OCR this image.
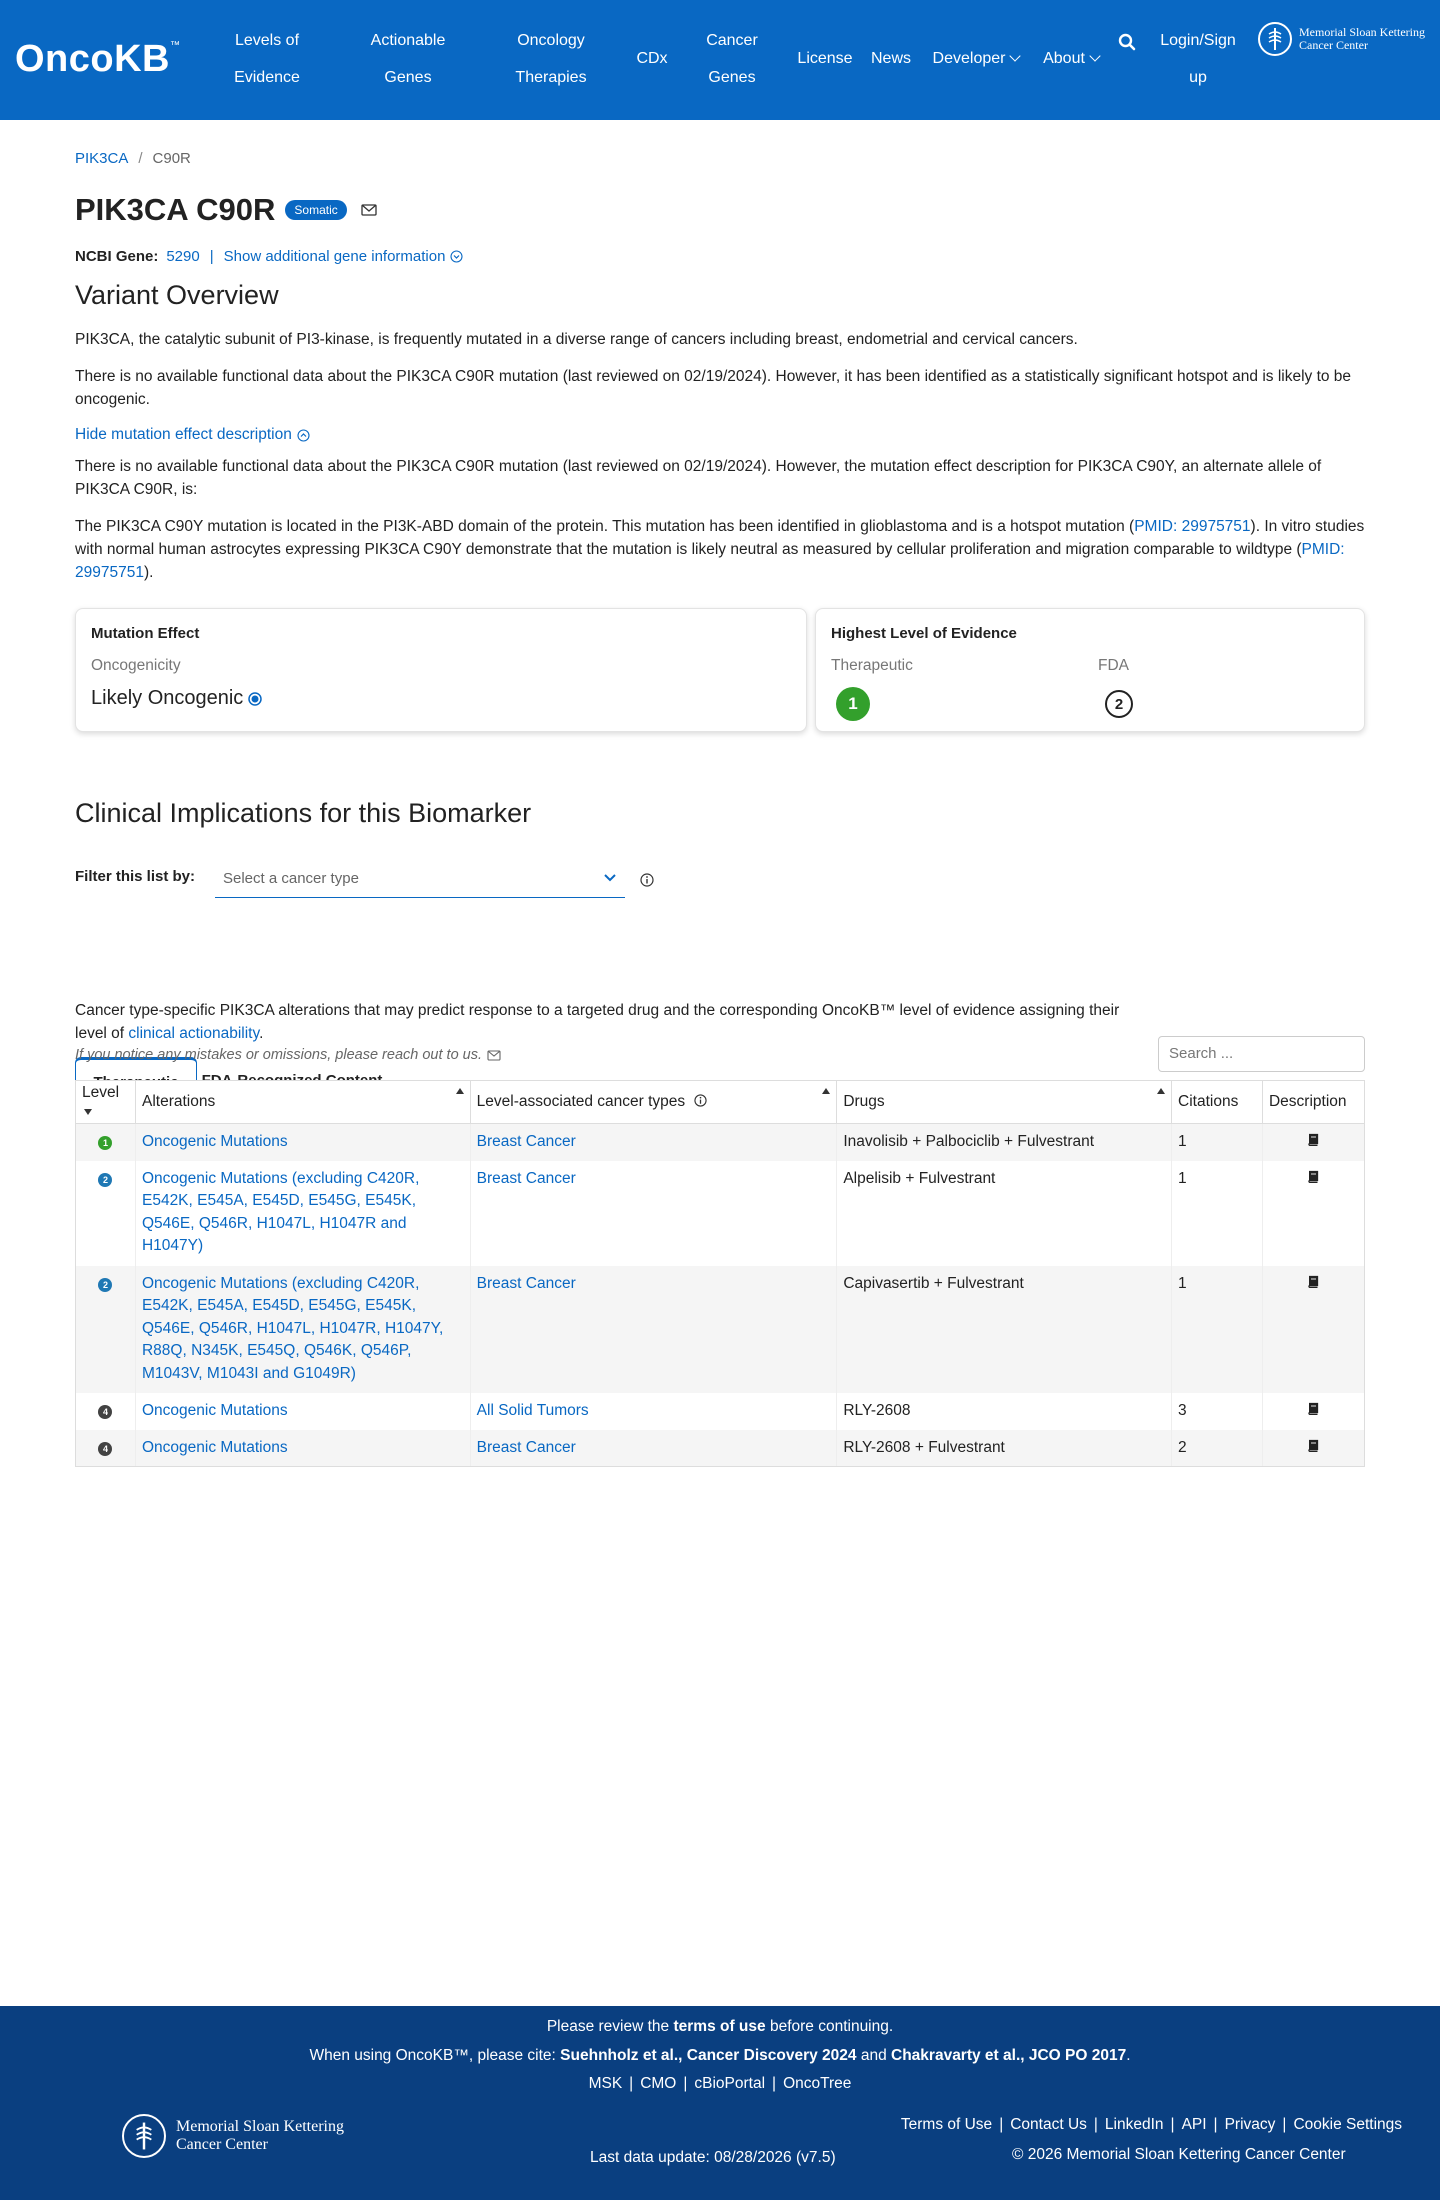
OncoKB™	Levels of
Evidence
Actionable
Genes
Oncology
Therapies
CDx
Cancer
Genes
License	News	Developer	About
Login/Sign
up
Memorial Sloan Kettering
Cancer Center
PIK3CA / C90R
PIK3CA C90R	Somatic
NCBI Gene: 5290 | Show additional gene information
Variant Overview

PIK3CA, the catalytic subunit of PI3-kinase, is frequently mutated in a diverse range of cancers including breast, endometrial and cervical cancers.

There is no available functional data about the PIK3CA C90R mutation (last reviewed on 02/19/2024). However, it has been identified as a statistically significant hotspot and is likely to be oncogenic.

Hide mutation effect description

There is no available functional data about the PIK3CA C90R mutation (last reviewed on 02/19/2024). However, the mutation effect description for PIK3CA C90Y, an alternate allele of PIK3CA C90R, is:

The PIK3CA C90Y mutation is located in the PI3K-ABD domain of the protein. This mutation has been identified in glioblastoma and is a hotspot mutation (PMID: 29975751). In vitro studies with normal human astrocytes expressing PIK3CA C90Y demonstrate that the mutation is likely neutral as measured by cellular proliferation and migration comparable to wildtype (PMID: 29975751).

Mutation Effect
Oncogenicity
Likely Oncogenic
Highest Level of Evidence
Therapeutic
1
FDA
2
Clinical Implications for this Biomarker
Filter this list by:	Select a cancer type

Cancer type-specific PIK3CA alterations that may predict response to a targeted drug and the corresponding OncoKB™ level of evidence assigning their level of clinical actionability.
If you notice any mistakes or omissions, please reach out to us.	Search ...
Level	Alterations	Level-associated cancer types	Drugs	Citations	Description
1	Oncogenic Mutations	Breast Cancer	Inavolisib + Palbociclib + Fulvestrant	1	
2	Oncogenic Mutations (excluding C420R, E542K, E545A, E545D, E545G, E545K, Q546E, Q546R, H1047L, H1047R and H1047Y)	Breast Cancer	Alpelisib + Fulvestrant	1	
2	Oncogenic Mutations (excluding C420R, E542K, E545A, E545D, E545G, E545K, Q546E, Q546R, H1047L, H1047R, H1047Y, R88Q, N345K, E545Q, Q546K, Q546P, M1043V, M1043I and G1049R)	Breast Cancer	Capivasertib + Fulvestrant	1	
4	Oncogenic Mutations	All Solid Tumors	RLY-2608	3	
4	Oncogenic Mutations	Breast Cancer	RLY-2608 + Fulvestrant	2	
Please review the terms of use before continuing.
When using OncoKB™, please cite: Suehnholz et al., Cancer Discovery 2024 and Chakravarty et al., JCO PO 2017.
MSK | CMO | cBioPortal | OncoTree
Memorial Sloan Kettering
Cancer Center
Last data update: 08/28/2026 (v7.5)
Terms of Use | Contact Us | LinkedIn | API | Privacy | Cookie Settings
© 2026 Memorial Sloan Kettering Cancer Center
